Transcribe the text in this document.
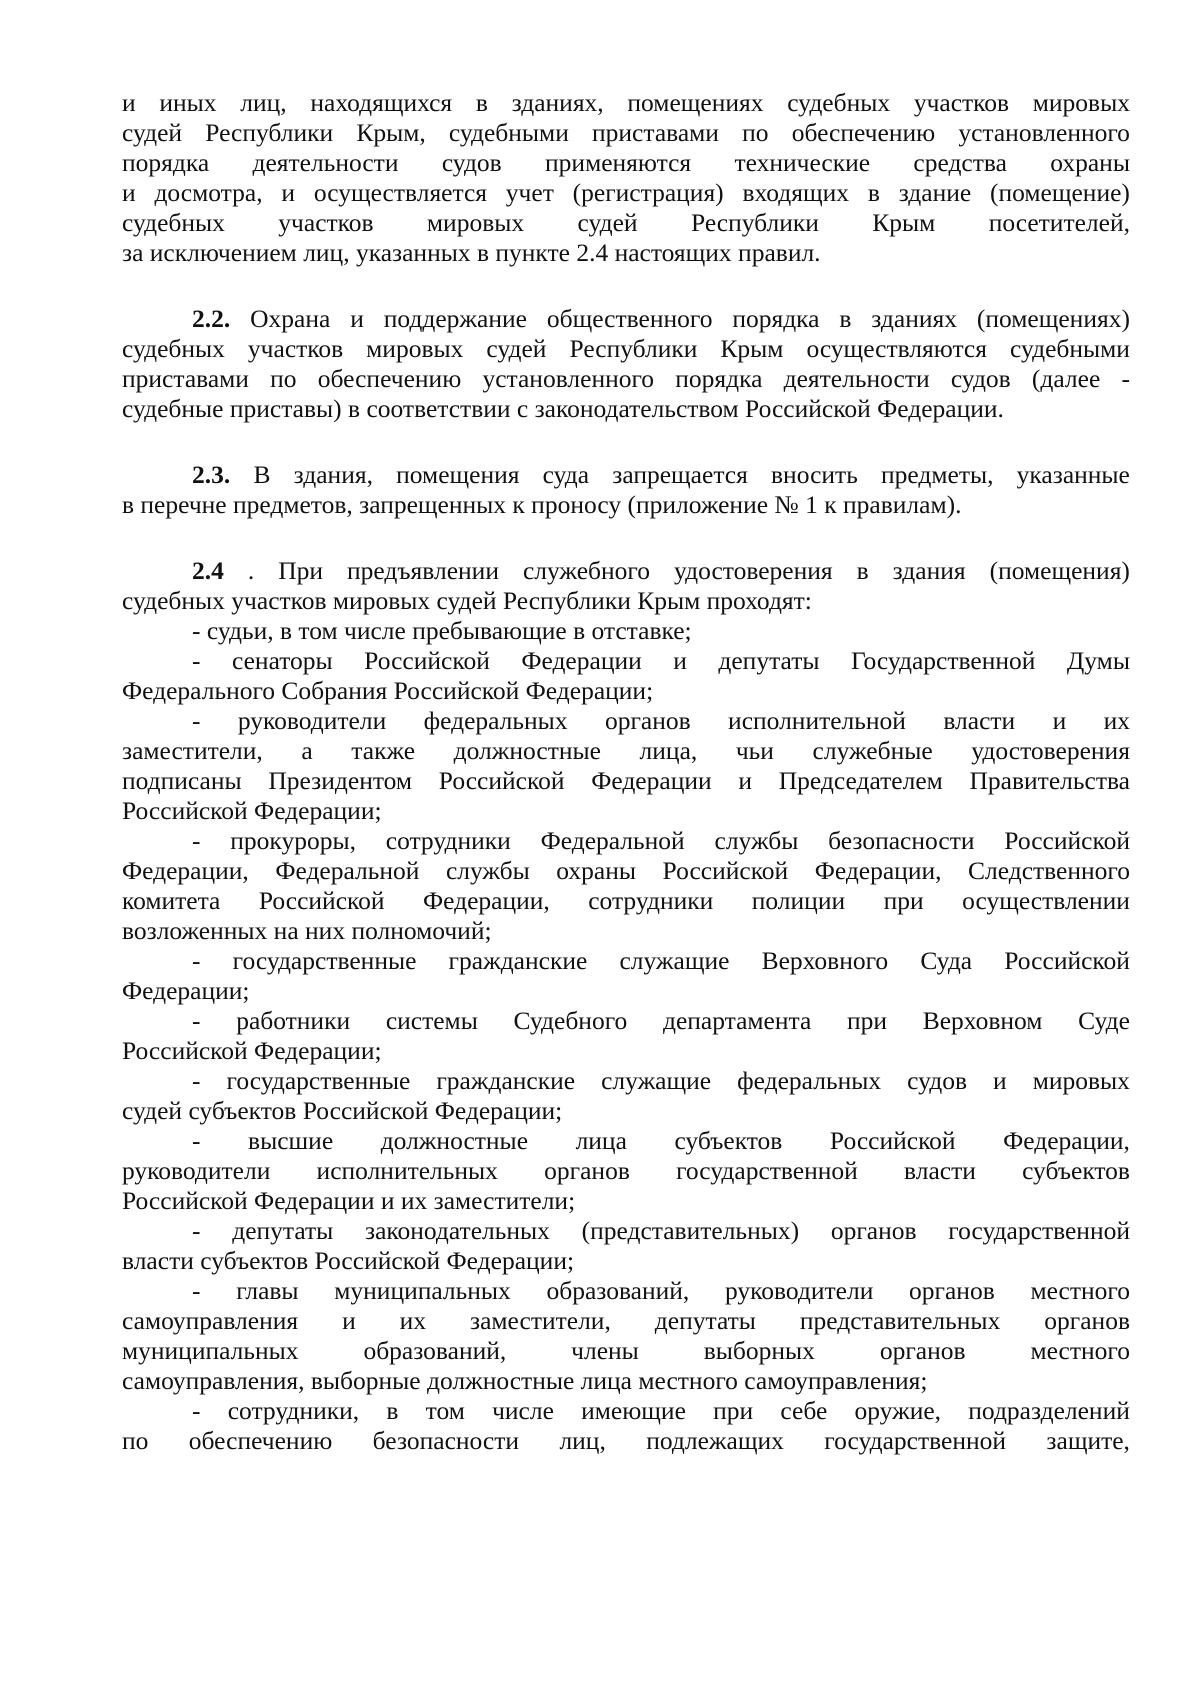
и иных лиц, находящихся в зданиях, помещениях судебных участков мировых
судей Республики Крым, судебными приставами по обеспечению установленного
порядка деятельности судов применяются технические средства охраны
и досмотра, и осуществляется учет (регистрация) входящих в здание (помещение)
судебных участков мировых судей Республики Крым посетителей,
за исключением лиц, указанных в пункте 2.4 настоящих правил.
2.2. Охрана и поддержание общественного порядка в зданиях (помещениях)
судебных участков мировых судей Республики Крым осуществляются судебными
приставами по обеспечению установленного порядка деятельности судов (далее -
судебные приставы) в соответствии с законодательством Российской Федерации.
2.3. В здания, помещения суда запрещается вносить предметы, указанные
в перечне предметов, запрещенных к проносу (приложение № 1 к правилам).
2.4 . При предъявлении служебного удостоверения в здания (помещения)
судебных участков мировых судей Республики Крым проходят:
- судьи, в том числе пребывающие в отставке;
- сенаторы Российской Федерации и депутаты Государственной Думы
Федерального Собрания Российской Федерации;
- руководители федеральных органов исполнительной власти и их
заместители, а также должностные лица, чьи служебные удостоверения
подписаны Президентом Российской Федерации и Председателем Правительства
Российской Федерации;
- прокуроры, сотрудники Федеральной службы безопасности Российской
Федерации, Федеральной службы охраны Российской Федерации, Следственного
комитета Российской Федерации, сотрудники полиции при осуществлении
возложенных на них полномочий;
- государственные гражданские служащие Верховного Суда Российской
Федерации;
- работники системы Судебного департамента при Верховном Суде
Российской Федерации;
- государственные гражданские служащие федеральных судов и мировых
судей субъектов Российской Федерации;
- высшие должностные лица субъектов Российской Федерации,
руководители исполнительных органов государственной власти субъектов
Российской Федерации и их заместители;
- депутаты законодательных (представительных) органов государственной
власти субъектов Российской Федерации;
- главы муниципальных образований, руководители органов местного
самоуправления и их заместители, депутаты представительных органов
муниципальных	образований,	члены	выборных	органов	местного
самоуправления, выборные должностные лица местного самоуправления;
- сотрудники, в том числе имеющие при себе оружие, подразделений
по обеспечению безопасности лиц, подлежащих государственной защите,
